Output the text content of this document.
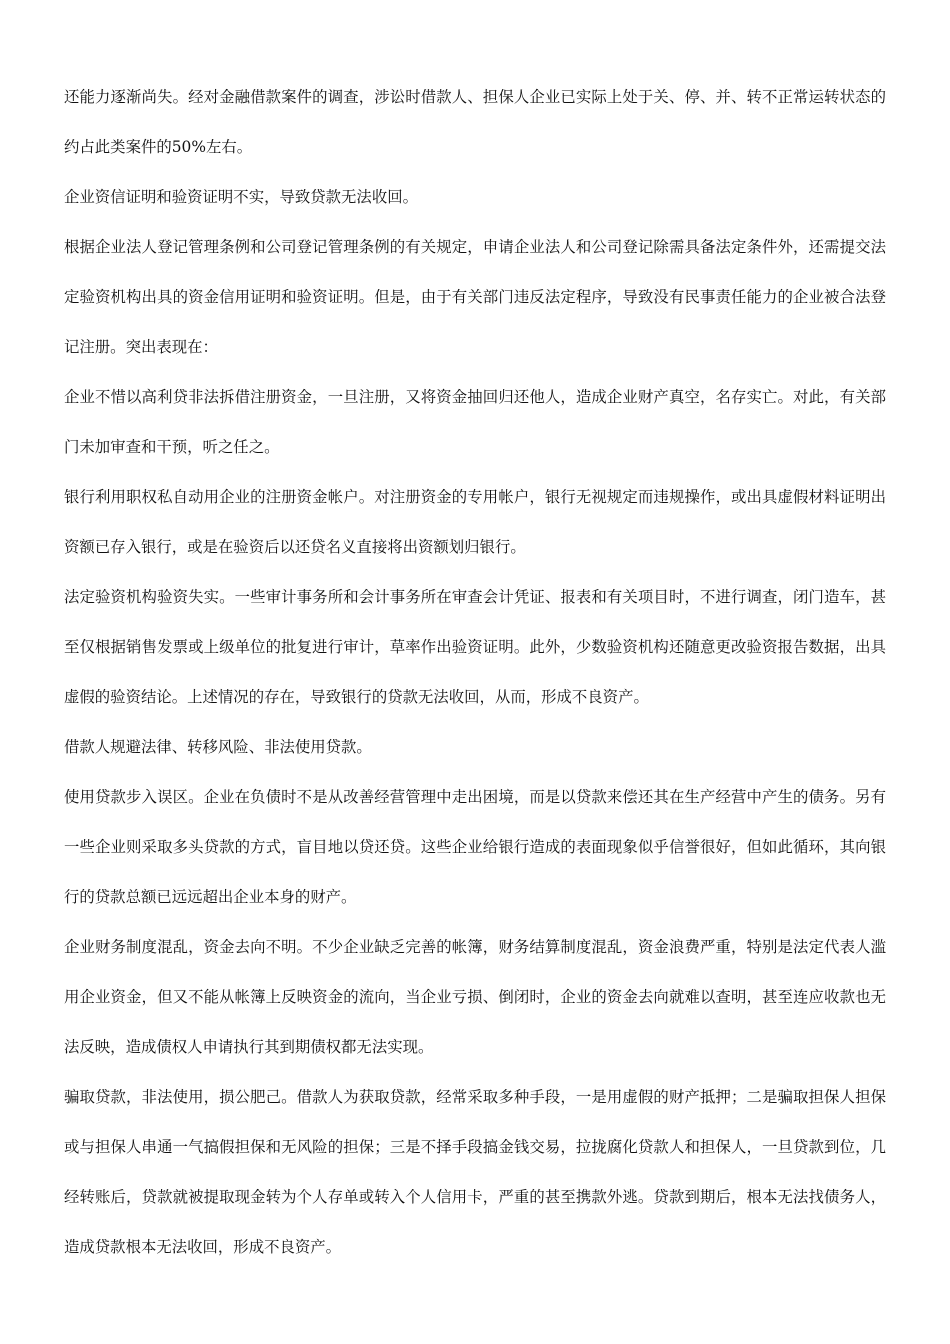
还能力逐渐尚失。经对金融借款案件的调查，涉讼时借款人、担保人企业已实际上处于关、停、并、转不正常运转状态的约占此类案件的50%左右。

企业资信证明和验资证明不实，导致贷款无法收回。

根据企业法人登记管理条例和公司登记管理条例的有关规定，申请企业法人和公司登记除需具备法定条件外，还需提交法定验资机构出具的资金信用证明和验资证明。但是，由于有关部门违反法定程序，导致没有民事责任能力的企业被合法登记注册。突出表现在：

企业不惜以高利贷非法拆借注册资金，一旦注册，又将资金抽回归还他人，造成企业财产真空，名存实亡。对此，有关部门未加审查和干预，听之任之。

银行利用职权私自动用企业的注册资金帐户。对注册资金的专用帐户，银行无视规定而违规操作，或出具虚假材料证明出资额已存入银行，或是在验资后以还贷名义直接将出资额划归银行。

法定验资机构验资失实。一些审计事务所和会计事务所在审查会计凭证、报表和有关项目时，不进行调查，闭门造车，甚至仅根据销售发票或上级单位的批复进行审计，草率作出验资证明。此外，少数验资机构还随意更改验资报告数据，出具虚假的验资结论。上述情况的存在，导致银行的贷款无法收回，从而，形成不良资产。

借款人规避法律、转移风险、非法使用贷款。

使用贷款步入误区。企业在负债时不是从改善经营管理中走出困境，而是以贷款来偿还其在生产经营中产生的债务。另有一些企业则采取多头贷款的方式，盲目地以贷还贷。这些企业给银行造成的表面现象似乎信誉很好，但如此循环，其向银行的贷款总额已远远超出企业本身的财产。

企业财务制度混乱，资金去向不明。不少企业缺乏完善的帐簿，财务结算制度混乱，资金浪费严重，特别是法定代表人滥用企业资金，但又不能从帐簿上反映资金的流向，当企业亏损、倒闭时，企业的资金去向就难以查明，甚至连应收款也无法反映，造成债权人申请执行其到期债权都无法实现。

骗取贷款，非法使用，损公肥己。借款人为获取贷款，经常采取多种手段，一是用虚假的财产抵押；二是骗取担保人担保或与担保人串通一气搞假担保和无风险的担保；三是不择手段搞金钱交易，拉拢腐化贷款人和担保人，一旦贷款到位，几经转账后，贷款就被提取现金转为个人存单或转入个人信用卡，严重的甚至携款外逃。贷款到期后，根本无法找债务人，造成贷款根本无法收回，形成不良资产。
